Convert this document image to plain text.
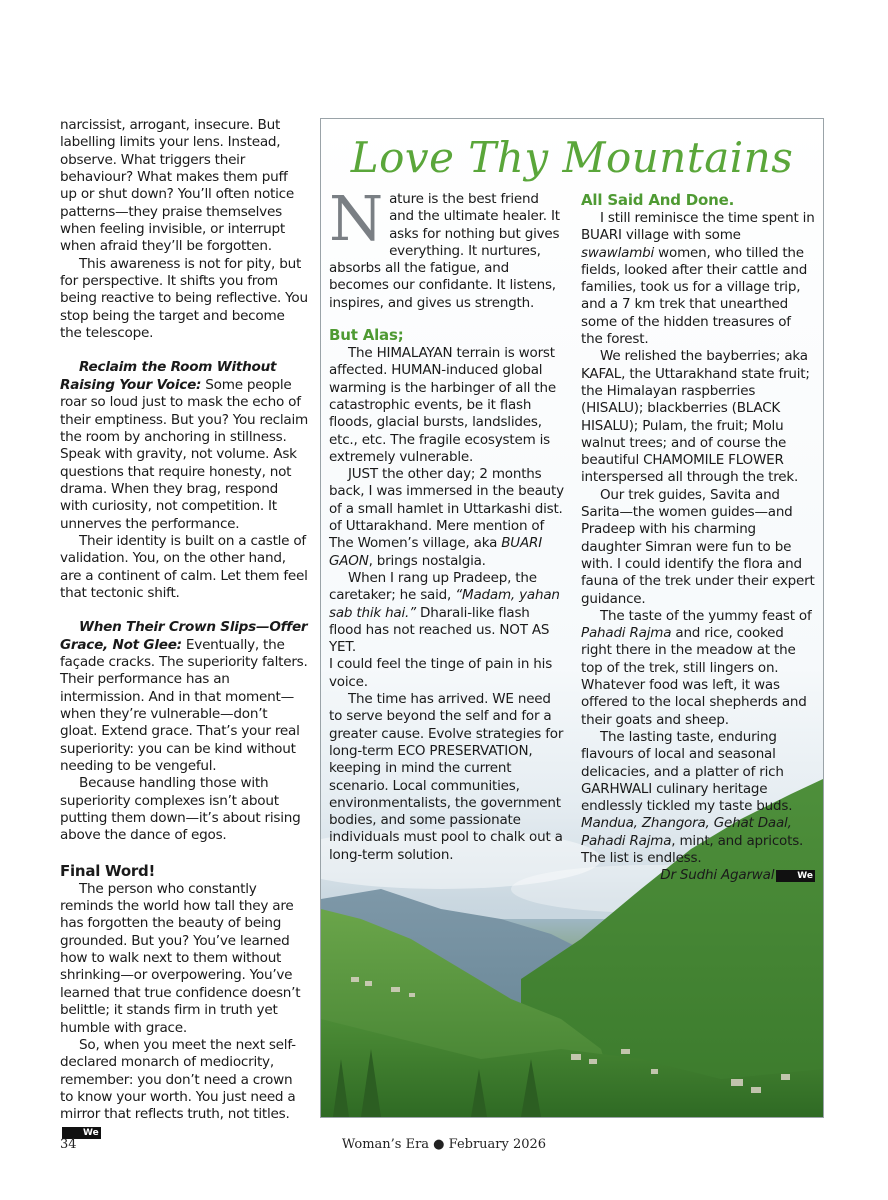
narcissist, arrogant, insecure. But labelling limits your lens. Instead, observe. What triggers their behaviour? What makes them puff up or shut down? You’ll often notice patterns—they praise themselves when feeling invisible, or interrupt when afraid they’ll be forgotten.

This awareness is not for pity, but for perspective. It shifts you from being reactive to being reflective. You stop being the target and become the telescope.

Reclaim the Room Without Raising Your Voice: Some people roar so loud just to mask the echo of their emptiness. But you? You reclaim the room by anchoring in stillness. Speak with gravity, not volume. Ask questions that require honesty, not drama. When they brag, respond with curiosity, not competition. It unnerves the performance.

Their identity is built on a castle of validation. You, on the other hand, are a continent of calm. Let them feel that tectonic shift.

When Their Crown Slips—Offer Grace, Not Glee: Eventually, the façade cracks. The superiority falters. Their performance has an intermission. And in that moment—when they’re vulnerable—don’t gloat. Extend grace. That’s your real superiority: you can be kind without needing to be vengeful.

Because handling those with superiority complexes isn’t about putting them down—it’s about rising above the dance of egos.

Final Word!

The person who constantly reminds the world how tall they are has forgotten the beauty of being grounded. But you? You’ve learned how to walk next to them without shrinking—or overpowering. You’ve learned that true confidence doesn’t belittle; it stands firm in truth yet humble with grace.

So, when you meet the next self-declared monarch of mediocrity, remember: you don’t need a crown to know your worth. You just need a mirror that reflects truth, not titles.We

Love Thy Mountains

Nature is the best friend and the ultimate healer. It asks for nothing but gives everything. It nurtures, absorbs all the fatigue, and becomes our confidante. It listens, inspires, and gives us strength.

But Alas;

The HIMALAYAN terrain is worst affected. HUMAN-induced global warming is the harbinger of all the catastrophic events, be it flash floods, glacial bursts, landslides, etc., etc. The fragile ecosystem is extremely vulnerable.

JUST the other day; 2 months back, I was immersed in the beauty of a small hamlet in Uttarkashi dist. of Uttarakhand. Mere mention of The Women’s village, aka BUARI GAON, brings nostalgia.

When I rang up Pradeep, the caretaker; he said, “Madam, yahan sab thik hai.” Dharali-like flash flood has not reached us. NOT AS YET.

I could feel the tinge of pain in his voice.

The time has arrived. WE need to serve beyond the self and for a greater cause. Evolve strategies for long-term ECO PRESERVATION, keeping in mind the current scenario. Local communities, environmentalists, the government bodies, and some passionate individuals must pool to chalk out a long-term solution.

All Said And Done.

I still reminisce the time spent in BUARI village with some swawlambi women, who tilled the fields, looked after their cattle and families, took us for a village trip, and a 7 km trek that unearthed some of the hidden treasures of the forest.

We relished the bayberries; aka KAFAL, the Uttarakhand state fruit; the Himalayan raspberries (HISALU); blackberries (BLACK HISALU); Pulam, the fruit; Molu walnut trees; and of course the beautiful CHAMOMILE FLOWER interspersed all through the trek.

Our trek guides, Savita and Sarita—the women guides—and Pradeep with his charming daughter Simran were fun to be with. I could identify the flora and fauna of the trek under their expert guidance.

The taste of the yummy feast of Pahadi Rajma and rice, cooked right there in the meadow at the top of the trek, still lingers on. Whatever food was left, it was offered to the local shepherds and their goats and sheep.

The lasting taste, enduring flavours of local and seasonal delicacies, and a platter of rich GARHWALI culinary heritage endlessly tickled my taste buds. Mandua, Zhangora, Gehat Daal, Pahadi Rajma, mint, and apricots. The list is endless.

Dr Sudhi Agarwal	We

34	Woman’s Era ● February 2026
